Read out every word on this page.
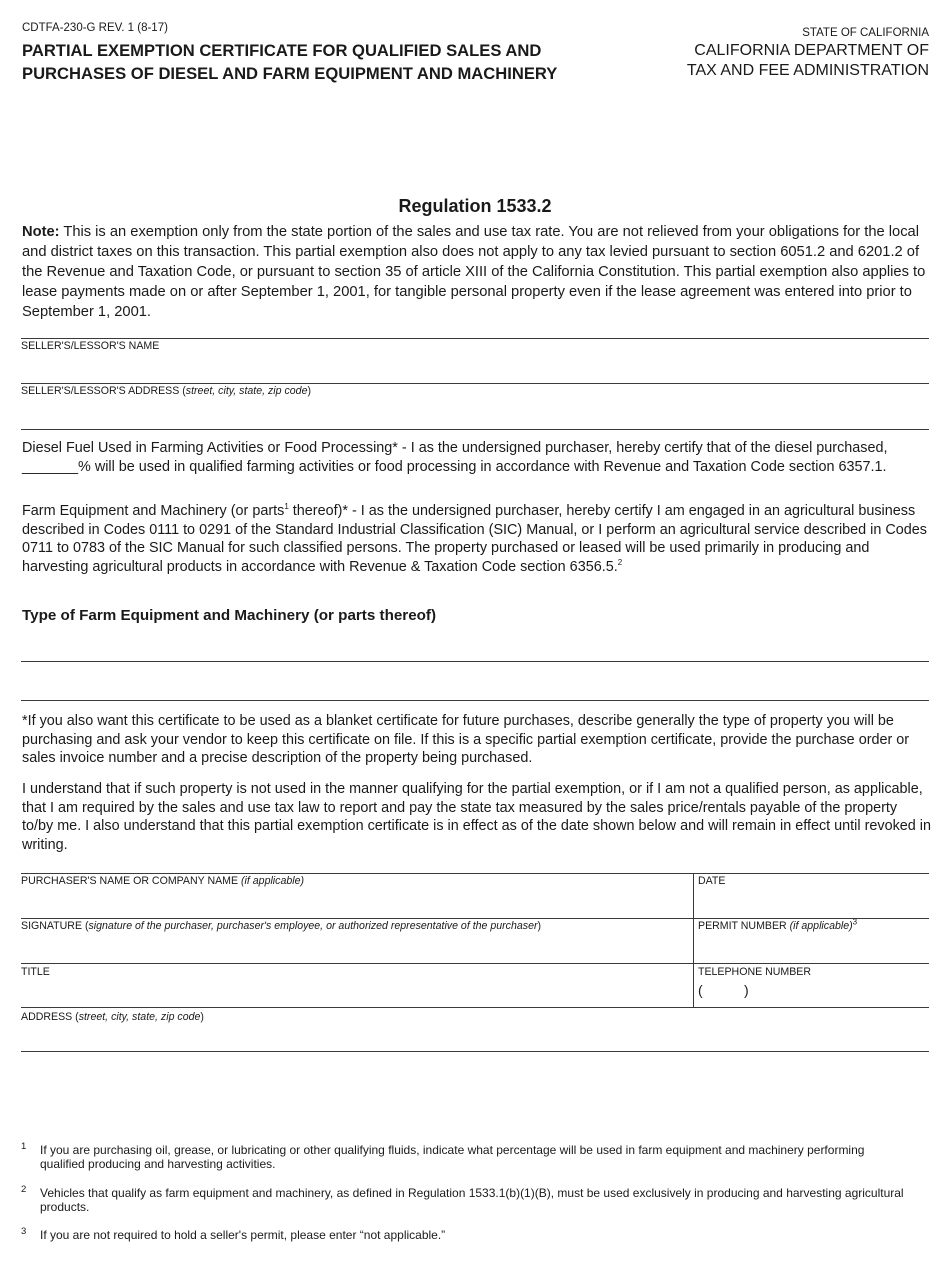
CDTFA-230-G REV. 1 (8-17)
PARTIAL EXEMPTION CERTIFICATE FOR QUALIFIED SALES AND
PURCHASES OF DIESEL AND FARM EQUIPMENT AND MACHINERY
STATE OF CALIFORNIA
CALIFORNIA DEPARTMENT OF
TAX AND FEE ADMINISTRATION
Regulation 1533.2

Note: This is an exemption only from the state portion of the sales and use tax rate. You are not relieved from your obligations for the local and district taxes on this transaction. This partial exemption also does not apply to any tax levied pursuant to section 6051.2 and 6201.2 of the Revenue and Taxation Code, or pursuant to section 35 of article XIII of the California Constitution. This partial exemption also applies to lease payments made on or after September 1, 2001, for tangible personal property even if the lease agreement was entered into prior to September 1, 2001.

SELLER'S/LESSOR'S NAME
SELLER'S/LESSOR'S ADDRESS (street, city, state, zip code)

Diesel Fuel Used in Farming Activities or Food Processing* - I as the undersigned purchaser, hereby certify that of the diesel purchased, _______% will be used in qualified farming activities or food processing in accordance with Revenue and Taxation Code section 6357.1.

Farm Equipment and Machinery (or parts$^1$ thereof)* - I as the undersigned purchaser, hereby certify I am engaged in an agricultural business described in Codes 0111 to 0291 of the Standard Industrial Classification (SIC) Manual, or I perform an agricultural service described in Codes 0711 to 0783 of the SIC Manual for such classified persons. The property purchased or leased will be used primarily in producing and harvesting agricultural products in accordance with Revenue & Taxation Code section 6356.5.$^2$

Type of Farm Equipment and Machinery (or parts thereof)

*If you also want this certificate to be used as a blanket certificate for future purchases, describe generally the type of property you will be purchasing and ask your vendor to keep this certificate on file. If this is a specific partial exemption certificate, provide the purchase order or sales invoice number and a precise description of the property being purchased.

I understand that if such property is not used in the manner qualifying for the partial exemption, or if I am not a qualified person, as applicable, that I am required by the sales and use tax law to report and pay the state tax measured by the sales price/rentals payable of the property to/by me. I also understand that this partial exemption certificate is in effect as of the date shown below and will remain in effect until revoked in writing.

PURCHASER'S NAME OR COMPANY NAME (if applicable)	DATE
SIGNATURE (signature of the purchaser, purchaser's employee, or authorized representative of the purchaser)	PERMIT NUMBER (if applicable)$^3$
TITLE	TELEPHONE NUMBER
(	)
ADDRESS (street, city, state, zip code)
1 If you are purchasing oil, grease, or lubricating or other qualifying fluids, indicate what percentage will be used in farm equipment and machinery performing qualified producing and harvesting activities.
2 Vehicles that qualify as farm equipment and machinery, as defined in Regulation 1533.1(b)(1)(B), must be used exclusively in producing and harvesting agricultural products.
3 If you are not required to hold a seller's permit, please enter “not applicable.”
